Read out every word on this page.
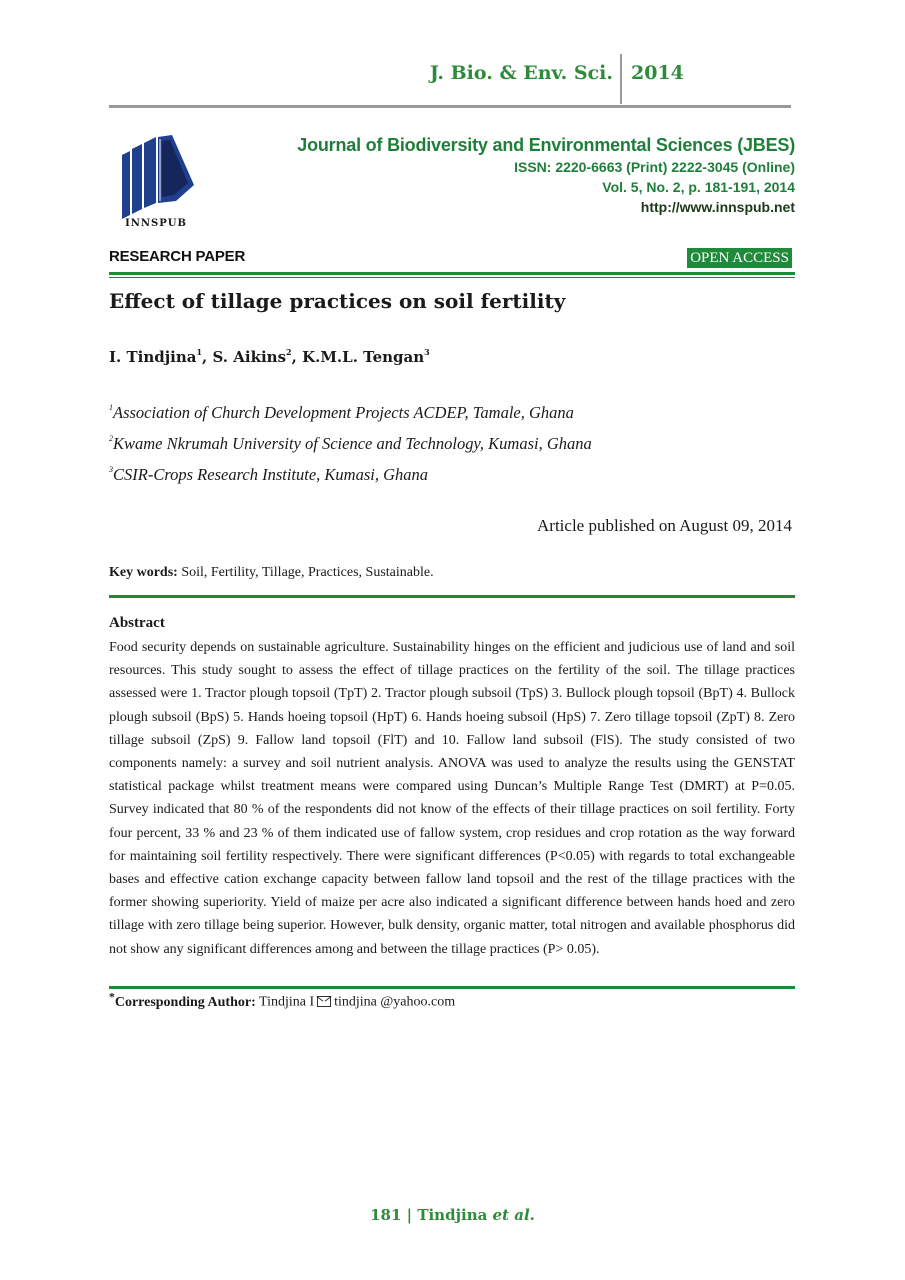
J. Bio. & Env. Sci. 2014
INNSPUB
Journal of Biodiversity and Environmental Sciences (JBES)
ISSN: 2220-6663 (Print) 2222-3045 (Online)
Vol. 5, No. 2, p. 181-191, 2014
http://www.innspub.net
RESEARCH PAPER	OPEN ACCESS
Effect of tillage practices on soil fertility
I. Tindjina$^1$, S. Aikins$^2$, K.M.L. Tengan$^3$
$^1$Association of Church Development Projects ACDEP, Tamale, Ghana
$^2$Kwame Nkrumah University of Science and Technology, Kumasi, Ghana
$^3$CSIR-Crops Research Institute, Kumasi, Ghana
Article published on August 09, 2014
Key words: Soil, Fertility, Tillage, Practices, Sustainable.
Abstract
Food security depends on sustainable agriculture. Sustainability hinges on the efficient and judicious use of land and soil resources. This study sought to assess the effect of tillage practices on the fertility of the soil. The tillage practices assessed were 1. Tractor plough topsoil (TpT) 2. Tractor plough subsoil (TpS) 3. Bullock plough topsoil (BpT) 4. Bullock plough subsoil (BpS) 5. Hands hoeing topsoil (HpT) 6. Hands hoeing subsoil (HpS) 7. Zero tillage topsoil (ZpT) 8. Zero tillage subsoil (ZpS) 9. Fallow land topsoil (FlT) and 10. Fallow land subsoil (FlS). The study consisted of two components namely: a survey and soil nutrient analysis. ANOVA was used to analyze the results using the GENSTAT statistical package whilst treatment means were compared using Duncan’s Multiple Range Test (DMRT) at P=0.05. Survey indicated that 80 % of the respondents did not know of the effects of their tillage practices on soil fertility. Forty four percent, 33 % and 23 % of them indicated use of fallow system, crop residues and crop rotation as the way forward for maintaining soil fertility respectively. There were significant differences (P<0.05) with regards to total exchangeable bases and effective cation exchange capacity between fallow land topsoil and the rest of the tillage practices with the former showing superiority. Yield of maize per acre also indicated a significant difference between hands hoed and zero tillage with zero tillage being superior. However, bulk density, organic matter, total nitrogen and available phosphorus did not show any significant differences among and between the tillage practices (P> 0.05).
*Corresponding Author: Tindjina I tindjina @yahoo.com
181 | Tindjina et al.
